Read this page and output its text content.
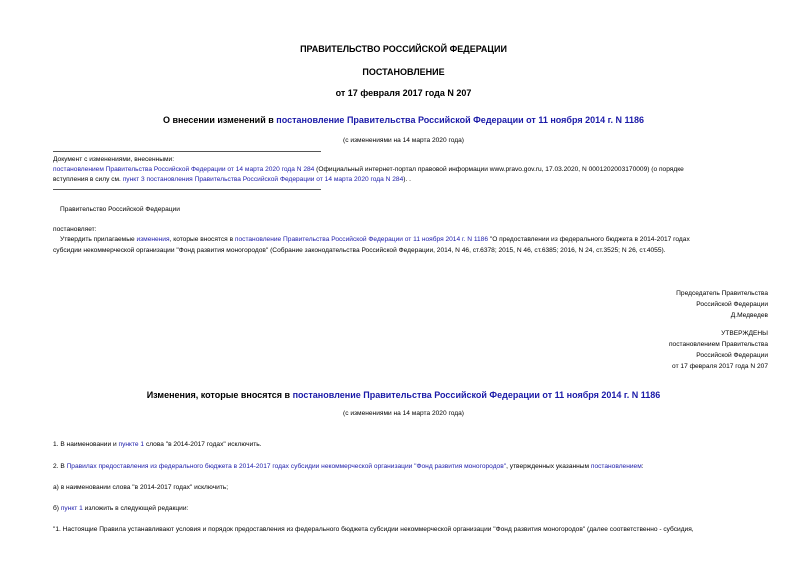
ПРАВИТЕЛЬСТВО РОССИЙСКОЙ ФЕДЕРАЦИИ
ПОСТАНОВЛЕНИЕ
от 17 февраля 2017 года N 207
О внесении изменений в постановление Правительства Российской Федерации от 11 ноября 2014 г. N 1186
(с изменениями на 14 марта 2020 года)
Документ с изменениями, внесенными:
постановлением Правительства Российской Федерации от 14 марта 2020 года N 284 (Официальный интернет-портал правовой информации www.pravo.gov.ru, 17.03.2020, N 0001202003170009) (о порядке
вступления в силу см. пункт 3 постановления Правительства Российской Федерации от 14 марта 2020 года N 284). .
Правительство Российской Федерации
постановляет:
Утвердить прилагаемые изменения, которые вносятся в постановление Правительства Российской Федерации от 11 ноября 2014 г. N 1186 "О предоставлении из федерального бюджета в 2014-2017 годах
субсидии некоммерческой организации "Фонд развития моногородов" (Собрание законодательства Российской Федерации, 2014, N 46, ст.6378; 2015, N 46, ст.6385; 2016, N 24, ст.3525; N 26, ст.4055).
Председатель Правительства
Российской Федерации
Д.Медведев
УТВЕРЖДЕНЫ
постановлением Правительства
Российской Федерации
от 17 февраля 2017 года N 207
Изменения, которые вносятся в постановление Правительства Российской Федерации от 11 ноября 2014 г. N 1186
(с изменениями на 14 марта 2020 года)
1. В наименовании и пункте 1 слова "в 2014-2017 годах" исключить.
2. В Правилах предоставления из федерального бюджета в 2014-2017 годах субсидии некоммерческой организации "Фонд развития моногородов", утвержденных указанным постановлением:
а) в наименовании слова "в 2014-2017 годах" исключить;
б) пункт 1 изложить в следующей редакции:
"1. Настоящие Правила устанавливают условия и порядок предоставления из федерального бюджета субсидии некоммерческой организации "Фонд развития моногородов" (далее соответственно - субсидия,
